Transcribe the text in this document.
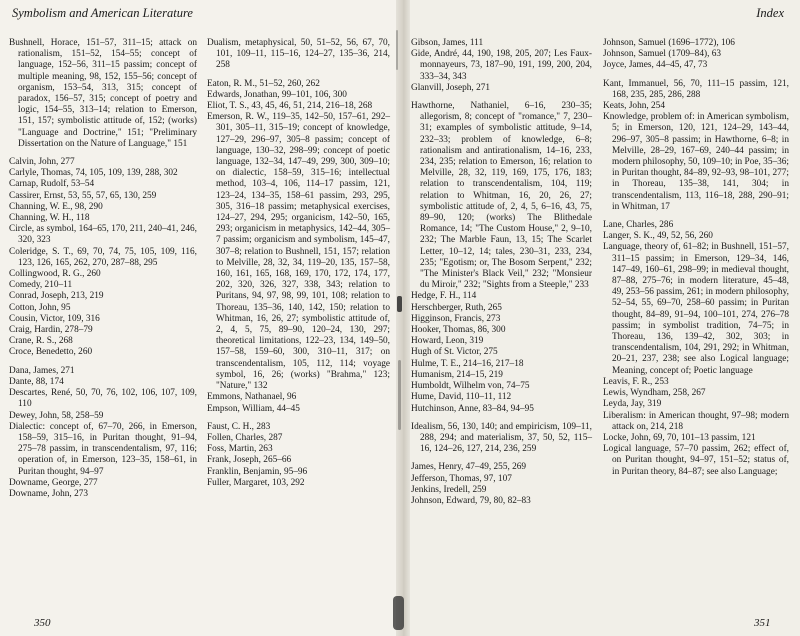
Symbolism and American Literature	Index

Bushnell, Horace, 151–57, 311–15; attack on rationalism, 151–52, 154–55; concept of language, 152–56, 311–15 passim; concept of multiple meaning, 98, 152, 155–56; concept of organism, 153–54, 313, 315; concept of paradox, 156–57, 315; concept of poetry and logic, 154–55, 313–14; relation to Emerson, 151, 157; symbolistic attitude of, 152; (works) "Language and Doctrine," 151; "Preliminary Dissertation on the Nature of Language," 151

Calvin, John, 277

Carlyle, Thomas, 74, 105, 109, 139, 288, 302

Carnap, Rudolf, 53–54

Cassirer, Ernst, 53, 55, 57, 65, 130, 259

Channing, W. E., 98, 290

Channing, W. H., 118

Circle, as symbol, 164–65, 170, 211, 240–41, 246, 320, 323

Coleridge, S. T., 69, 70, 74, 75, 105, 109, 116, 123, 126, 165, 262, 270, 287–88, 295

Collingwood, R. G., 260

Comedy, 210–11

Conrad, Joseph, 213, 219

Cotton, John, 95

Cousin, Victor, 109, 316

Craig, Hardin, 278–79

Crane, R. S., 268

Croce, Benedetto, 260

Dana, James, 271

Dante, 88, 174

Descartes, René, 50, 70, 76, 102, 106, 107, 109, 110

Dewey, John, 58, 258–59

Dialectic: concept of, 67–70, 266, in Emerson, 158–59, 315–16, in Puritan thought, 91–94, 275–78 passim, in transcendentalism, 97, 116; operation of, in Emerson, 123–35, 158–61, in Puritan thought, 94–97

Downame, George, 277

Downame, John, 273

Dualism, metaphysical, 50, 51–52, 56, 67, 70, 101, 109–11, 115–16, 124–27, 135–36, 214, 258

Eaton, R. M., 51–52, 260, 262

Edwards, Jonathan, 99–101, 106, 300

Eliot, T. S., 43, 45, 46, 51, 214, 216–18, 268

Emerson, R. W., 119–35, 142–50, 157–61, 292–301, 305–11, 315–19; concept of knowledge, 127–29, 296–97, 305–8 passim; concept of language, 130–32, 298–99; concept of poetic language, 132–34, 147–49, 299, 300, 309–10; on dialectic, 158–59, 315–16; intellectual method, 103–4, 106, 114–17 passim, 121, 123–24, 134–35, 158–61 passim, 293, 295, 305, 316–18 passim; metaphysical exercises, 124–27, 294, 295; organicism, 142–50, 165, 293; organicism in metaphysics, 142–44, 305–7 passim; organicism and symbolism, 145–47, 307–8; relation to Bushnell, 151, 157; relation to Melville, 28, 32, 34, 119–20, 135, 157–58, 160, 161, 165, 168, 169, 170, 172, 174, 177, 202, 320, 326, 327, 338, 343; relation to Puritans, 94, 97, 98, 99, 101, 108; relation to Thoreau, 135–36, 140, 142, 150; relation to Whitman, 16, 26, 27; symbolistic attitude of, 2, 4, 5, 75, 89–90, 120–24, 130, 297; theoretical limitations, 122–23, 134, 149–50, 157–58, 159–60, 300, 310–11, 317; on transcendentalism, 105, 112, 114; voyage symbol, 16, 26; (works) "Brahma," 123; "Nature," 132

Emmons, Nathanael, 96

Empson, William, 44–45

Faust, C. H., 283

Follen, Charles, 287

Foss, Martin, 263

Frank, Joseph, 265–66

Franklin, Benjamin, 95–96

Fuller, Margaret, 103, 292

Gibson, James, 111

Gide, André, 44, 190, 198, 205, 207; Les Faux-monnayeurs, 73, 187–90, 191, 199, 200, 204, 333–34, 343

Glanvill, Joseph, 271

Hawthorne, Nathaniel, 6–16, 230–35; allegorism, 8; concept of "romance," 7, 230–31; examples of symbolistic attitude, 9–14, 232–33; problem of knowledge, 6–8; rationalism and antirationalism, 14–16, 233, 234, 235; relation to Emerson, 16; relation to Melville, 28, 32, 119, 169, 175, 176, 183; relation to transcendentalism, 104, 119; relation to Whitman, 16, 20, 26, 27; symbolistic attitude of, 2, 4, 5, 6–16, 43, 75, 89–90, 120; (works) The Blithedale Romance, 14; "The Custom House," 2, 9–10, 232; The Marble Faun, 13, 15; The Scarlet Letter, 10–12, 14; tales, 230–31, 233, 234, 235; "Egotism; or, The Bosom Serpent," 232; "The Minister's Black Veil," 232; "Monsieur du Miroir," 232; "Sights from a Steeple," 233

Hedge, F. H., 114

Herschberger, Ruth, 265

Higginson, Francis, 273

Hooker, Thomas, 86, 300

Howard, Leon, 319

Hugh of St. Victor, 275

Hulme, T. E., 214–16, 217–18

Humanism, 214–15, 219

Humboldt, Wilhelm von, 74–75

Hume, David, 110–11, 112

Hutchinson, Anne, 83–84, 94–95

Idealism, 56, 130, 140; and empiricism, 109–11, 288, 294; and materialism, 37, 50, 52, 115–16, 124–26, 127, 214, 236, 259

James, Henry, 47–49, 255, 269

Jefferson, Thomas, 97, 107

Jenkins, Iredell, 259

Johnson, Edward, 79, 80, 82–83

Johnson, Samuel (1696–1772), 106

Johnson, Samuel (1709–84), 63

Joyce, James, 44–45, 47, 73

Kant, Immanuel, 56, 70, 111–15 passim, 121, 168, 235, 285, 286, 288

Keats, John, 254

Knowledge, problem of: in American symbolism, 5; in Emerson, 120, 121, 124–29, 143–44, 296–97, 305–8 passim; in Hawthorne, 6–8; in Melville, 28–29, 167–69, 240–44 passim; in modern philosophy, 50, 109–10; in Poe, 35–36; in Puritan thought, 84–89, 92–93, 98–101, 277; in Thoreau, 135–38, 141, 304; in transcendentalism, 113, 116–18, 288, 290–91; in Whitman, 17

Lane, Charles, 286

Langer, S. K., 49, 52, 56, 260

Language, theory of, 61–82; in Bushnell, 151–57, 311–15 passim; in Emerson, 129–34, 146, 147–49, 160–61, 298–99; in medieval thought, 87–88, 275–76; in modern literature, 45–48, 49, 253–56 passim, 261; in modern philosophy, 52–54, 55, 69–70, 258–60 passim; in Puritan thought, 84–89, 91–94, 100–101, 274, 276–78 passim; in symbolist tradition, 74–75; in Thoreau, 136, 139–42, 302, 303; in transcendentalism, 104, 291, 292; in Whitman, 20–21, 237, 238; see also Logical language; Meaning, concept of; Poetic language

Leavis, F. R., 253

Lewis, Wyndham, 258, 267

Leyda, Jay, 319

Liberalism: in American thought, 97–98; modern attack on, 214, 218

Locke, John, 69, 70, 101–13 passim, 121

Logical language, 57–70 passim, 262; effect of, on Puritan thought, 94–97, 151–52; status of, in Puritan theory, 84–87; see also Language;

350	351
